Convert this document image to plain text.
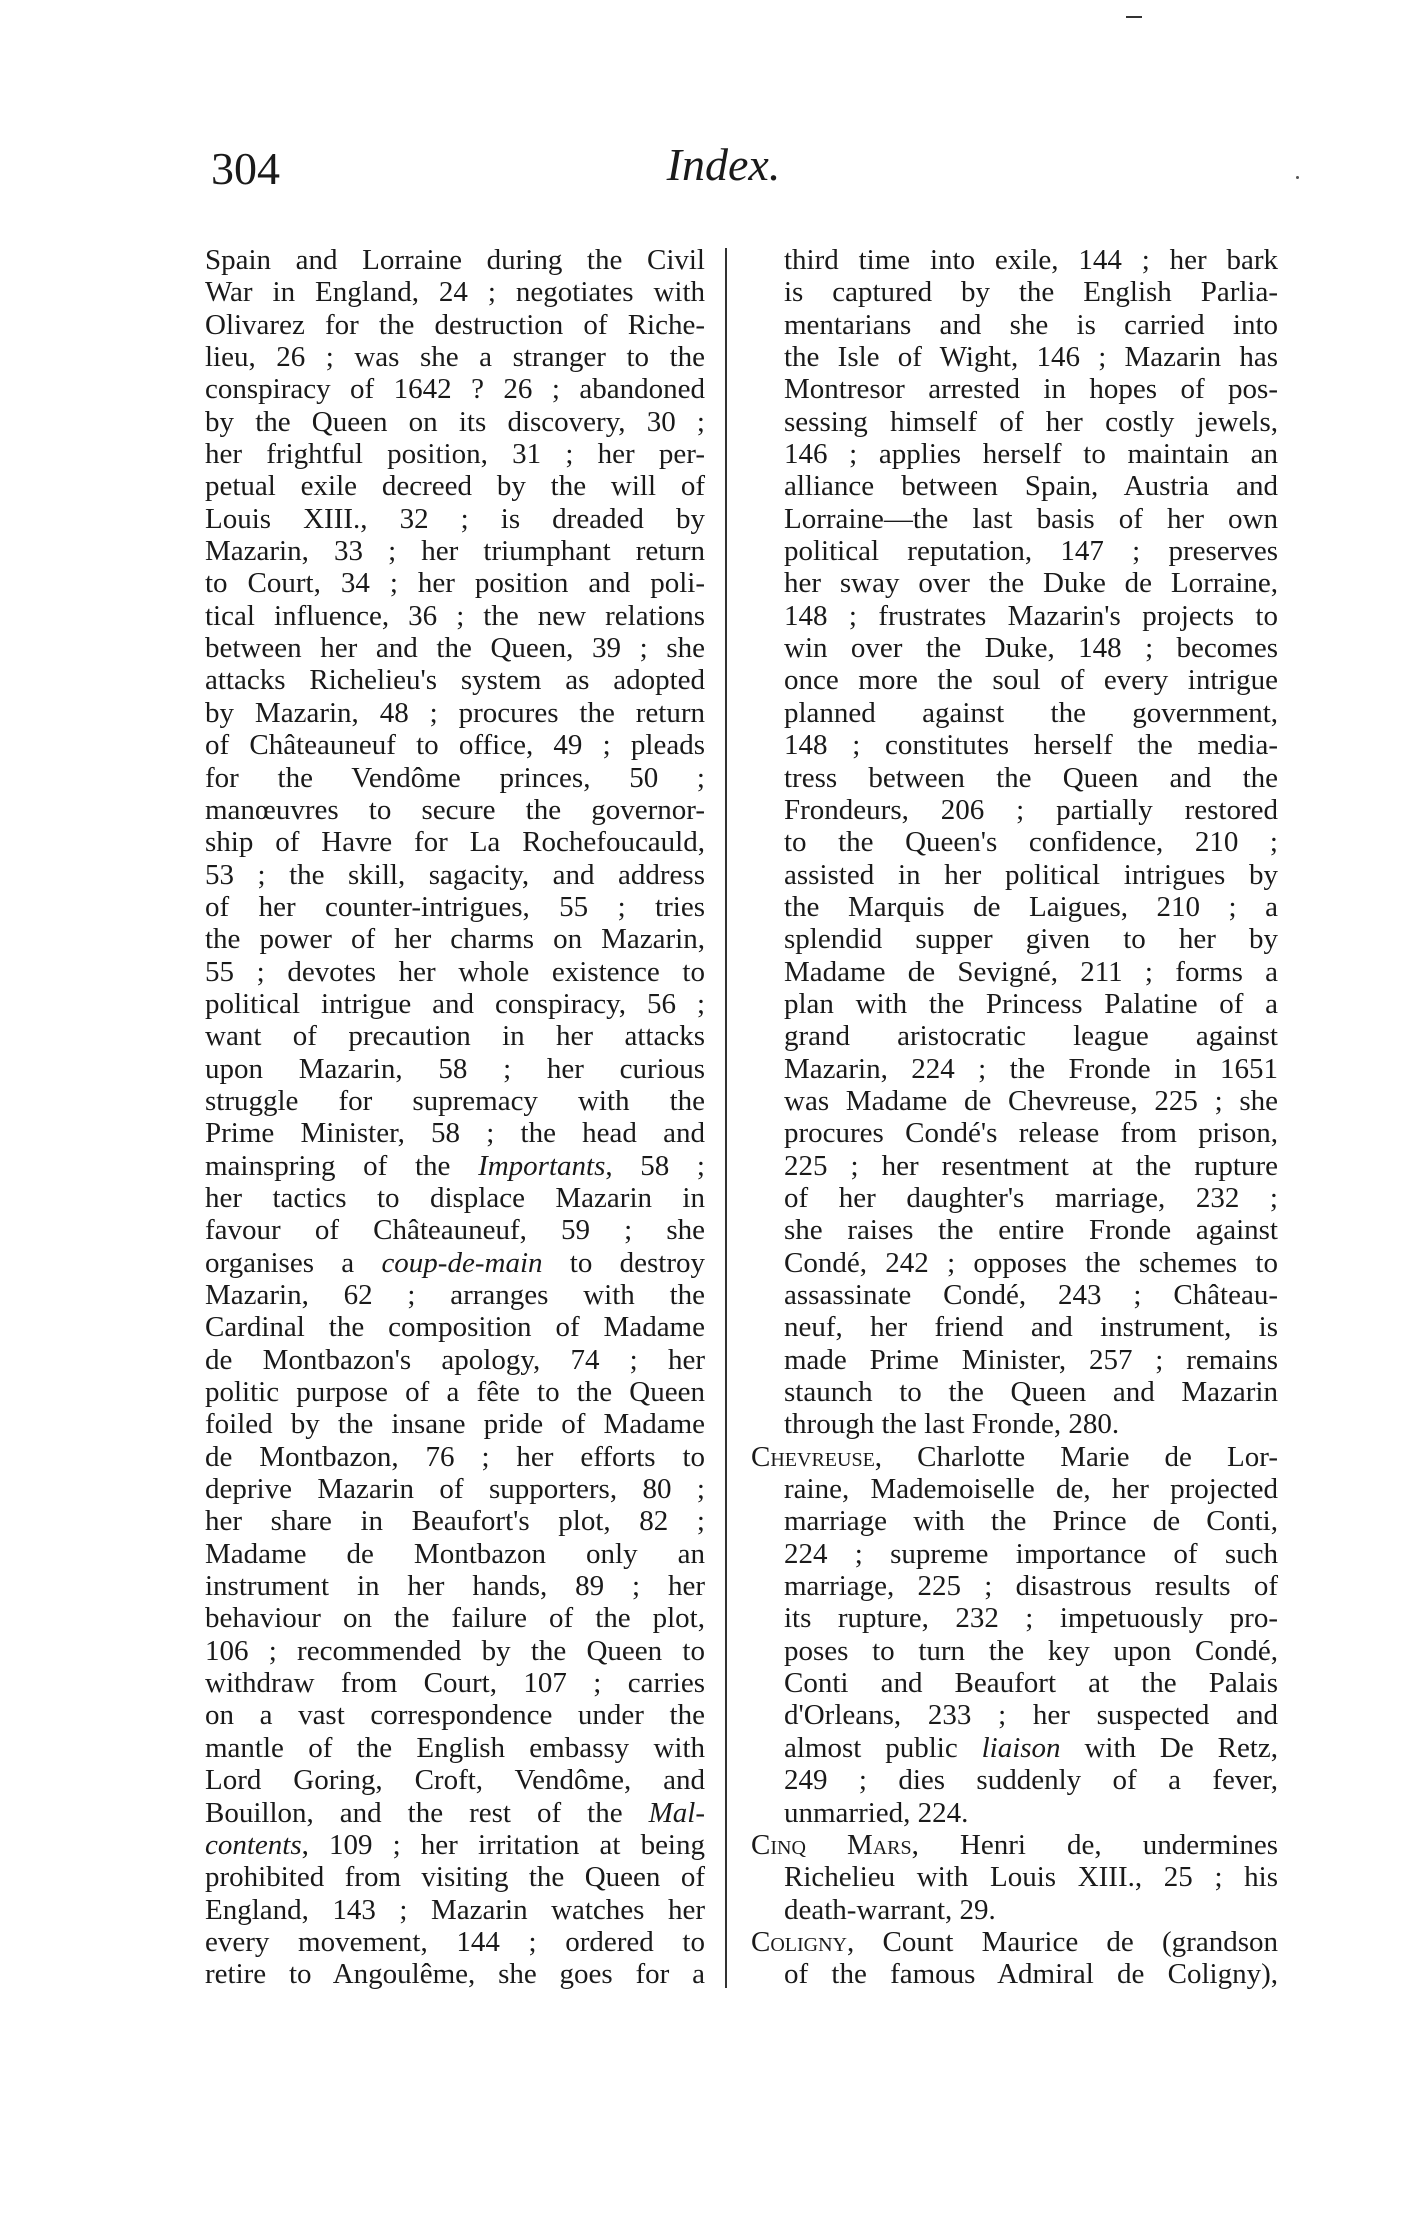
304	Index.
Spain and Lorraine during the Civil
War in England, 24 ; negotiates with
Olivarez for the destruction of Riche-
lieu, 26 ; was she a stranger to the
conspiracy of 1642 ? 26 ; abandoned
by the Queen on its discovery, 30 ;
her frightful position, 31 ; her per-
petual exile decreed by the will of
Louis XIII., 32 ; is dreaded by
Mazarin, 33 ; her triumphant return
to Court, 34 ; her position and poli-
tical influence, 36 ; the new relations
between her and the Queen, 39 ; she
attacks Richelieu's system as adopted
by Mazarin, 48 ; procures the return
of Châteauneuf to office, 49 ; pleads
for the Vendôme princes, 50 ;
manœuvres to secure the governor-
ship of Havre for La Rochefoucauld,
53 ; the skill, sagacity, and address
of her counter-intrigues, 55 ; tries
the power of her charms on Mazarin,
55 ; devotes her whole existence to
political intrigue and conspiracy, 56 ;
want of precaution in her attacks
upon Mazarin, 58 ; her curious
struggle for supremacy with the
Prime Minister, 58 ; the head and
mainspring of the Importants, 58 ;
her tactics to displace Mazarin in
favour of Châteauneuf, 59 ; she
organises a coup-de-main to destroy
Mazarin, 62 ; arranges with the
Cardinal the composition of Madame
de Montbazon's apology, 74 ; her
politic purpose of a fête to the Queen
foiled by the insane pride of Madame
de Montbazon, 76 ; her efforts to
deprive Mazarin of supporters, 80 ;
her share in Beaufort's plot, 82 ;
Madame de Montbazon only an
instrument in her hands, 89 ; her
behaviour on the failure of the plot,
106 ; recommended by the Queen to
withdraw from Court, 107 ; carries
on a vast correspondence under the
mantle of the English embassy with
Lord Goring, Croft, Vendôme, and
Bouillon, and the rest of the Mal-
contents, 109 ; her irritation at being
prohibited from visiting the Queen of
England, 143 ; Mazarin watches her
every movement, 144 ; ordered to
retire to Angoulême, she goes for a
third time into exile, 144 ; her bark
is captured by the English Parlia-
mentarians and she is carried into
the Isle of Wight, 146 ; Mazarin has
Montresor arrested in hopes of pos-
sessing himself of her costly jewels,
146 ; applies herself to maintain an
alliance between Spain, Austria and
Lorraine—the last basis of her own
political reputation, 147 ; preserves
her sway over the Duke de Lorraine,
148 ; frustrates Mazarin's projects to
win over the Duke, 148 ; becomes
once more the soul of every intrigue
planned against the government,
148 ; constitutes herself the media-
tress between the Queen and the
Frondeurs, 206 ; partially restored
to the Queen's confidence, 210 ;
assisted in her political intrigues by
the Marquis de Laigues, 210 ; a
splendid supper given to her by
Madame de Sevigné, 211 ; forms a
plan with the Princess Palatine of a
grand aristocratic league against
Mazarin, 224 ; the Fronde in 1651
was Madame de Chevreuse, 225 ; she
procures Condé's release from prison,
225 ; her resentment at the rupture
of her daughter's marriage, 232 ;
she raises the entire Fronde against
Condé, 242 ; opposes the schemes to
assassinate Condé, 243 ; Château-
neuf, her friend and instrument, is
made Prime Minister, 257 ; remains
staunch to the Queen and Mazarin
through the last Fronde, 280.
Chevreuse, Charlotte Marie de Lor-
raine, Mademoiselle de, her projected
marriage with the Prince de Conti,
224 ; supreme importance of such
marriage, 225 ; disastrous results of
its rupture, 232 ; impetuously pro-
poses to turn the key upon Condé,
Conti and Beaufort at the Palais
d'Orleans, 233 ; her suspected and
almost public liaison with De Retz,
249 ; dies suddenly of a fever,
unmarried, 224.
Cinq Mars, Henri de, undermines
Richelieu with Louis XIII., 25 ; his
death-warrant, 29.
Coligny, Count Maurice de (grandson
of the famous Admiral de Coligny),
